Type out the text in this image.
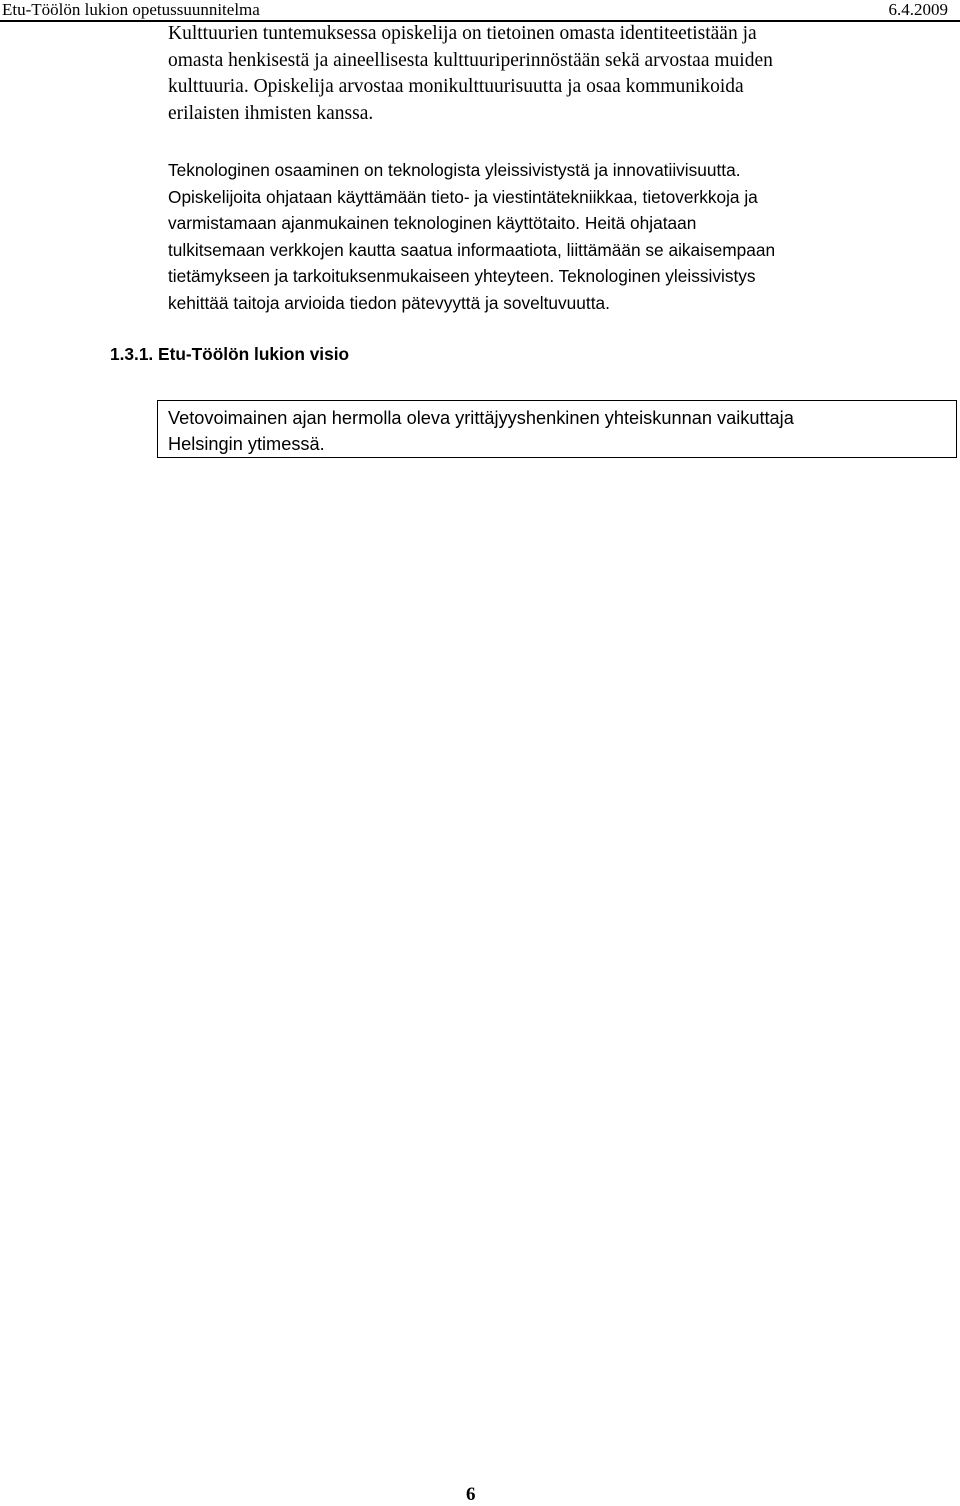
Etu-Töölön lukion opetussuunnitelma	6.4.2009
Kulttuurien tuntemuksessa opiskelija on tietoinen omasta identiteetistään ja
omasta henkisestä ja aineellisesta kulttuuriperinnöstään sekä arvostaa muiden
kulttuuria. Opiskelija arvostaa monikulttuurisuutta ja osaa kommunikoida
erilaisten ihmisten kanssa.
Teknologinen osaaminen on teknologista yleissivistystä ja innovatiivisuutta.
Opiskelijoita ohjataan käyttämään tieto- ja viestintätekniikkaa, tietoverkkoja ja
varmistamaan ajanmukainen teknologinen käyttötaito. Heitä ohjataan
tulkitsemaan verkkojen kautta saatua informaatiota, liittämään se aikaisempaan
tietämykseen ja tarkoituksenmukaiseen yhteyteen. Teknologinen yleissivistys
kehittää taitoja arvioida tiedon pätevyyttä ja soveltuvuutta.
1.3.1. Etu-Töölön lukion visio
Vetovoimainen ajan hermolla oleva yrittäjyyshenkinen yhteiskunnan vaikuttaja
Helsingin ytimessä.
6
